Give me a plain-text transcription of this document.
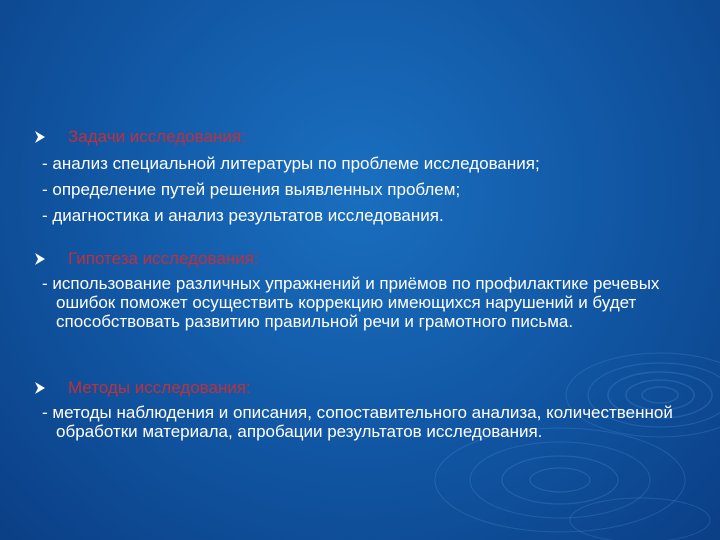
Задачи исследования:
- анализ специальной литературы по проблеме исследования;
- определение путей решения выявленных проблем;
- диагностика и анализ результатов исследования.
Гипотеза исследования:
- использование различных упражнений и приёмов по профилактике речевых ошибок поможет осуществить коррекцию имеющихся нарушений и будет способствовать развитию правильной речи и грамотного письма.
Методы исследования:
- методы наблюдения и описания, сопоставительного анализа, количественной обработки материала, апробации результатов исследования.
